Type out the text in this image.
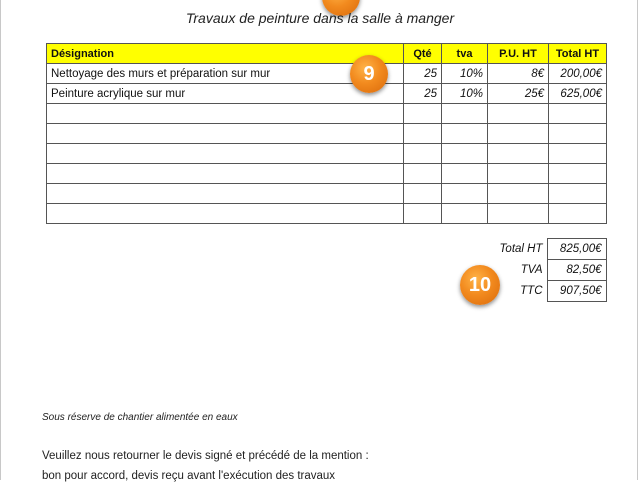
Travaux de peinture dans la salle à manger
Désignation	Qté	tva	P.U. HT	Total HT
Nettoyage des murs et préparation sur mur	25	10%	8€	200,00€
Peinture acrylique sur mur	25	10%	25€	625,00€

9
Total HT	825,00€
TVA	82,50€
TTC	907,50€
10
Sous réserve de chantier alimentée en eaux
Veuillez nous retourner le devis signé et précédé de la mention :
bon pour accord, devis reçu avant l'exécution des travaux
